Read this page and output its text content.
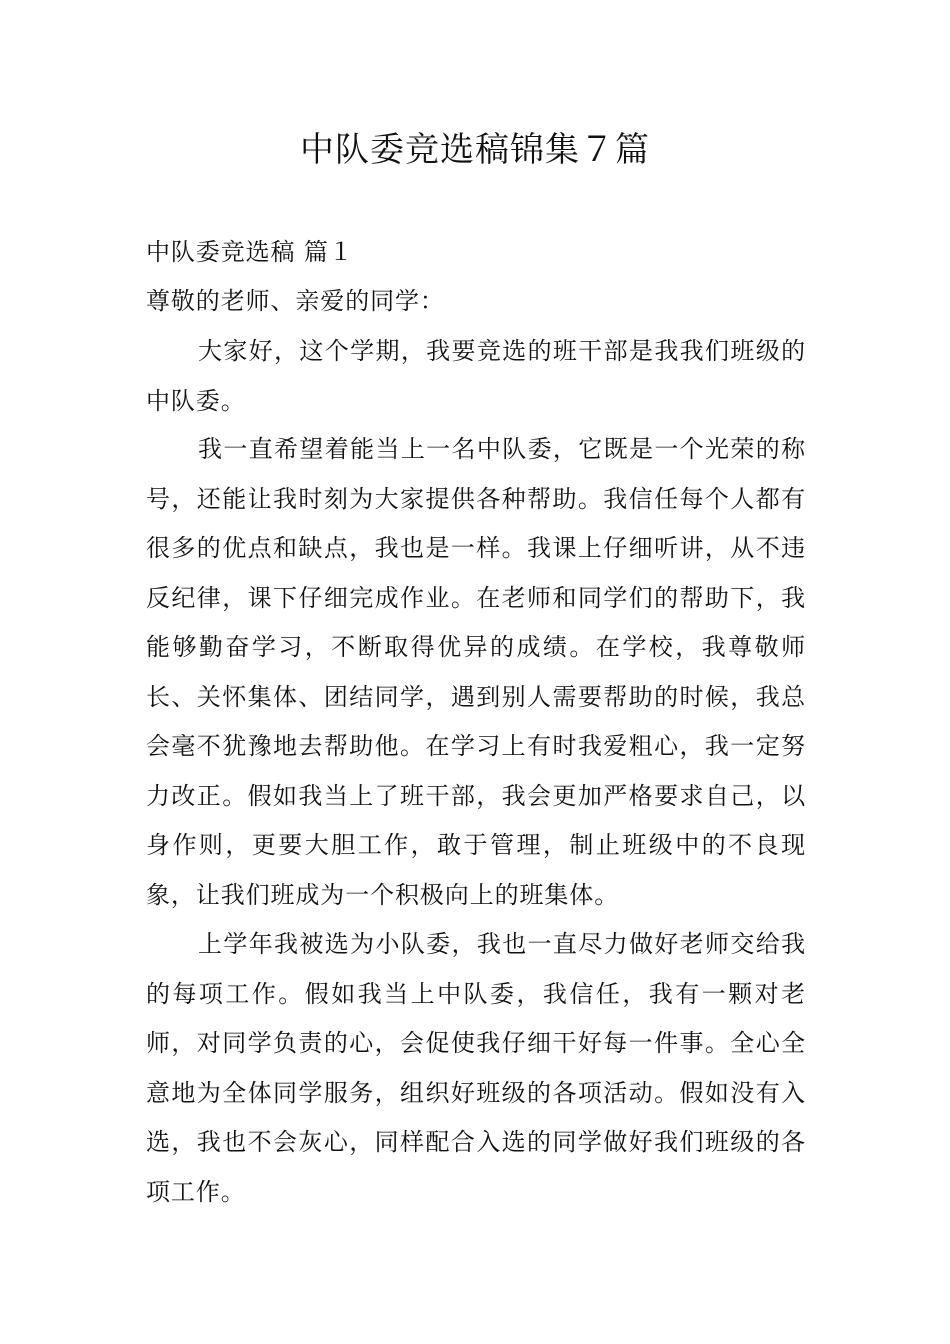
中队委竞选稿锦集７篇
中队委竞选稿 篇１
尊敬的老师、亲爱的同学：

大家好，这个学期，我要竞选的班干部是我我们班级的中队委。

我一直希望着能当上一名中队委，它既是一个光荣的称号，还能让我时刻为大家提供各种帮助。我信任每个人都有很多的优点和缺点，我也是一样。我课上仔细听讲，从不违反纪律，课下仔细完成作业。在老师和同学们的帮助下，我能够勤奋学习，不断取得优异的成绩。在学校，我尊敬师长、关怀集体、团结同学，遇到别人需要帮助的时候，我总会毫不犹豫地去帮助他。在学习上有时我爱粗心，我一定努力改正。假如我当上了班干部，我会更加严格要求自己，以身作则，更要大胆工作，敢于管理，制止班级中的不良现象，让我们班成为一个积极向上的班集体。

上学年我被选为小队委，我也一直尽力做好老师交给我的每项工作。假如我当上中队委，我信任，我有一颗对老师，对同学负责的心，会促使我仔细干好每一件事。全心全意地为全体同学服务，组织好班级的各项活动。假如没有入选，我也不会灰心，同样配合入选的同学做好我们班级的各项工作。
